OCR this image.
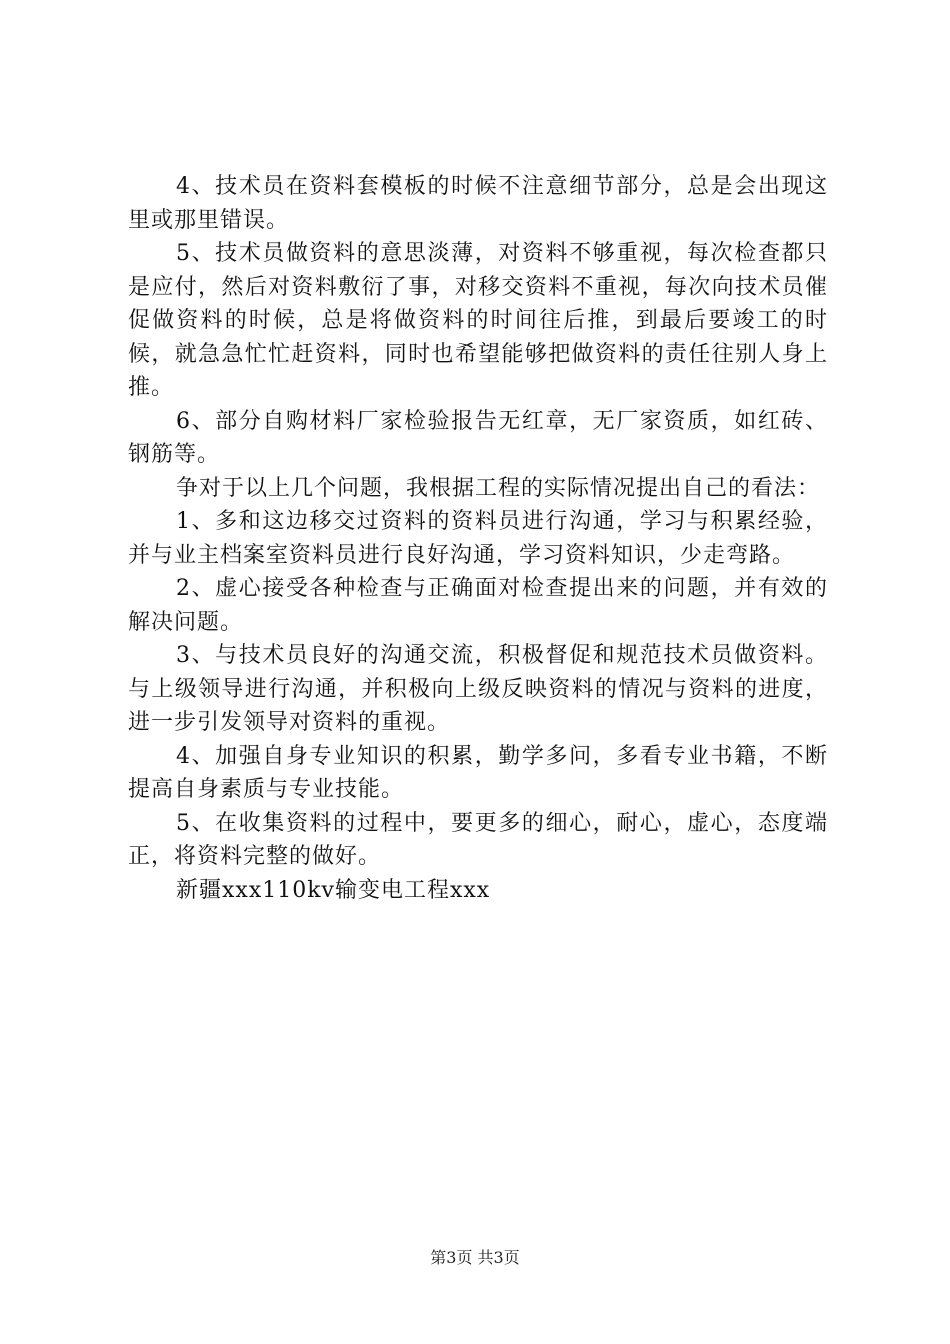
4、技术员在资料套模板的时候不注意细节部分，总是会出现这里或那里错误。

5、技术员做资料的意思淡薄，对资料不够重视，每次检查都只是应付，然后对资料敷衍了事，对移交资料不重视，每次向技术员催促做资料的时候，总是将做资料的时间往后推，到最后要竣工的时候，就急急忙忙赶资料，同时也希望能够把做资料的责任往别人身上推。

6、部分自购材料厂家检验报告无红章，无厂家资质，如红砖、钢筋等。

争对于以上几个问题，我根据工程的实际情况提出自己的看法：

1、多和这边移交过资料的资料员进行沟通，学习与积累经验，并与业主档案室资料员进行良好沟通，学习资料知识，少走弯路。

2、虚心接受各种检查与正确面对检查提出来的问题，并有效的解决问题。

3、与技术员良好的沟通交流，积极督促和规范技术员做资料。与上级领导进行沟通，并积极向上级反映资料的情况与资料的进度，进一步引发领导对资料的重视。

4、加强自身专业知识的积累，勤学多问，多看专业书籍，不断提高自身素质与专业技能。

5、在收集资料的过程中，要更多的细心，耐心，虚心，态度端正，将资料完整的做好。

新疆xxx110kv输变电工程xxx

第3页 共3页
